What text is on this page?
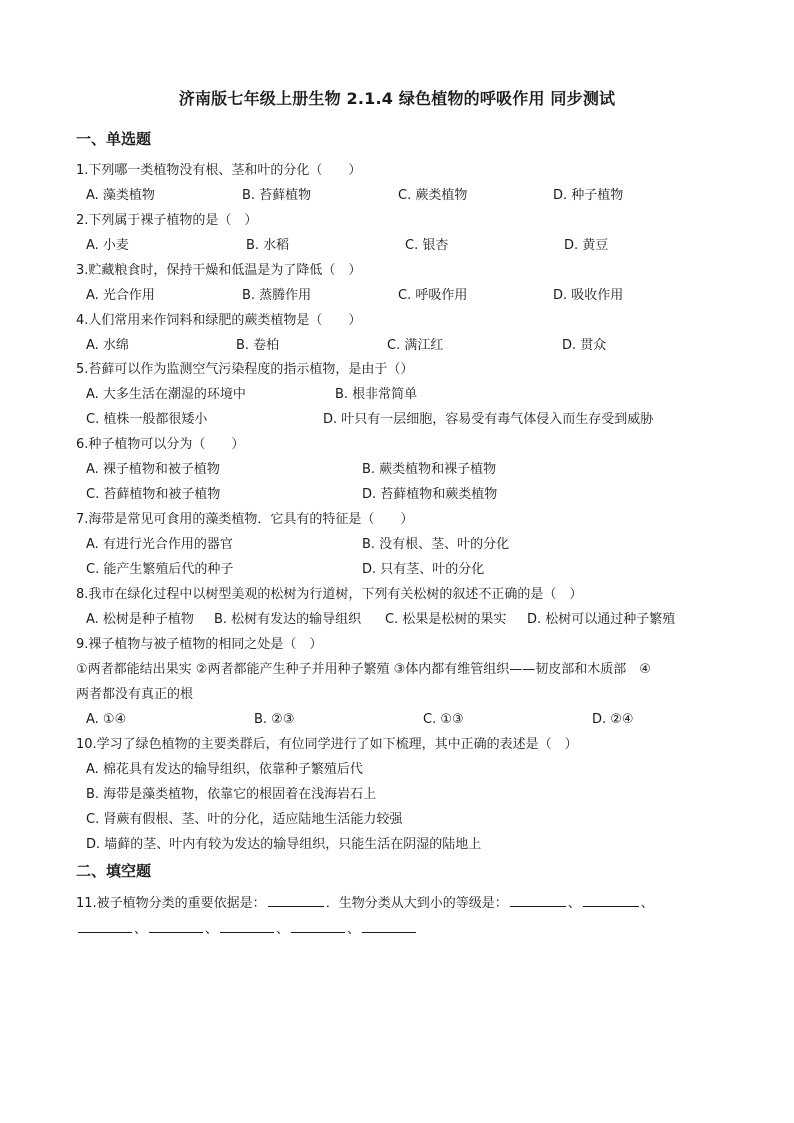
济南版七年级上册生物 2.1.4 绿色植物的呼吸作用 同步测试
一、单选题
1.下列哪一类植物没有根、茎和叶的分化（　　）
A. 藻类植物	B. 苔藓植物	C. 蕨类植物	D. 种子植物
2.下列属于裸子植物的是（　）
A. 小麦	B. 水稻	C. 银杏	D. 黄豆
3.贮藏粮食时，保持干燥和低温是为了降低（　）
A. 光合作用	B. 蒸腾作用	C. 呼吸作用	D. 吸收作用
4.人们常用来作饲料和绿肥的蕨类植物是（　　）
A. 水绵	B. 卷柏	C. 满江红	D. 贯众
5.苔藓可以作为监测空气污染程度的指示植物，是由于（）
A. 大多生活在潮湿的环境中	B. 根非常简单
C. 植株一般都很矮小	D. 叶只有一层细胞，容易受有毒气体侵入而生存受到威胁
6.种子植物可以分为（　　）
A. 裸子植物和被子植物	B. 蕨类植物和裸子植物
C. 苔藓植物和被子植物	D. 苔藓植物和蕨类植物
7.海带是常见可食用的藻类植物．它具有的特征是（　　）
A. 有进行光合作用的器官	B. 没有根、茎、叶的分化
C. 能产生繁殖后代的种子	D. 只有茎、叶的分化
8.我市在绿化过程中以树型美观的松树为行道树，下列有关松树的叙述不正确的是（　）
A. 松树是种子植物 B. 松树有发达的输导组织 C. 松果是松树的果实 D. 松树可以通过种子繁殖
9.裸子植物与被子植物的相同之处是（　）
①两者都能结出果实 ②两者都能产生种子并用种子繁殖 ③体内都有维管组织——韧皮部和木质部　④
两者都没有真正的根
A. ①④	B. ②③	C. ①③	D. ②④
10.学习了绿色植物的主要类群后，有位同学进行了如下梳理，其中正确的表述是（　）
A. 棉花具有发达的输导组织，依靠种子繁殖后代
B. 海带是藻类植物，依靠它的根固着在浅海岩石上
C. 肾蕨有假根、茎、叶的分化，适应陆地生活能力较强
D. 墙藓的茎、叶内有较为发达的输导组织，只能生活在阴湿的陆地上
二、填空题
11.被子植物分类的重要依据是：	．生物分类从大到小的等级是：	、	、
、	、	、	、
